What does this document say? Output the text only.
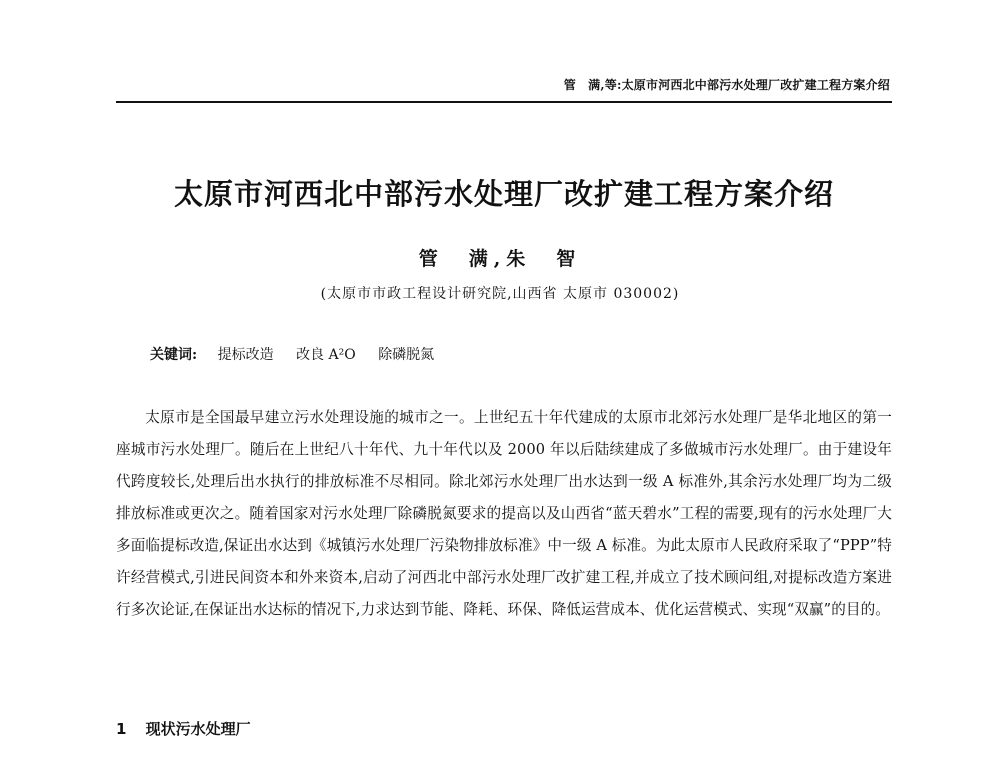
管　满,等:太原市河西北中部污水处理厂改扩建工程方案介绍
太原市河西北中部污水处理厂改扩建工程方案介绍
管　满,朱　智
(太原市市政工程设计研究院,山西省 太原市 030002)
关键词: 提标改造 改良 A²O 除磷脱氮

太原市是全国最早建立污水处理设施的城市之一。上世纪五十年代建成的太原市北郊污水处理厂是华北地区的第一座城市污水处理厂。随后在上世纪八十年代、九十年代以及 2000 年以后陆续建成了多做城市污水处理厂。由于建设年代跨度较长,处理后出水执行的排放标准不尽相同。除北郊污水处理厂出水达到一级 A 标准外,其余污水处理厂均为二级排放标准或更次之。随着国家对污水处理厂除磷脱氮要求的提高以及山西省“蓝天碧水”工程的需要,现有的污水处理厂大多面临提标改造,保证出水达到《城镇污水处理厂污染物排放标准》中一级 A 标准。为此太原市人民政府采取了“PPP”特许经营模式,引进民间资本和外来资本,启动了河西北中部污水处理厂改扩建工程,并成立了技术顾问组,对提标改造方案进行多次论证,在保证出水达标的情况下,力求达到节能、降耗、环保、降低运营成本、优化运营模式、实现“双赢”的目的。

1 现状污水处理厂
